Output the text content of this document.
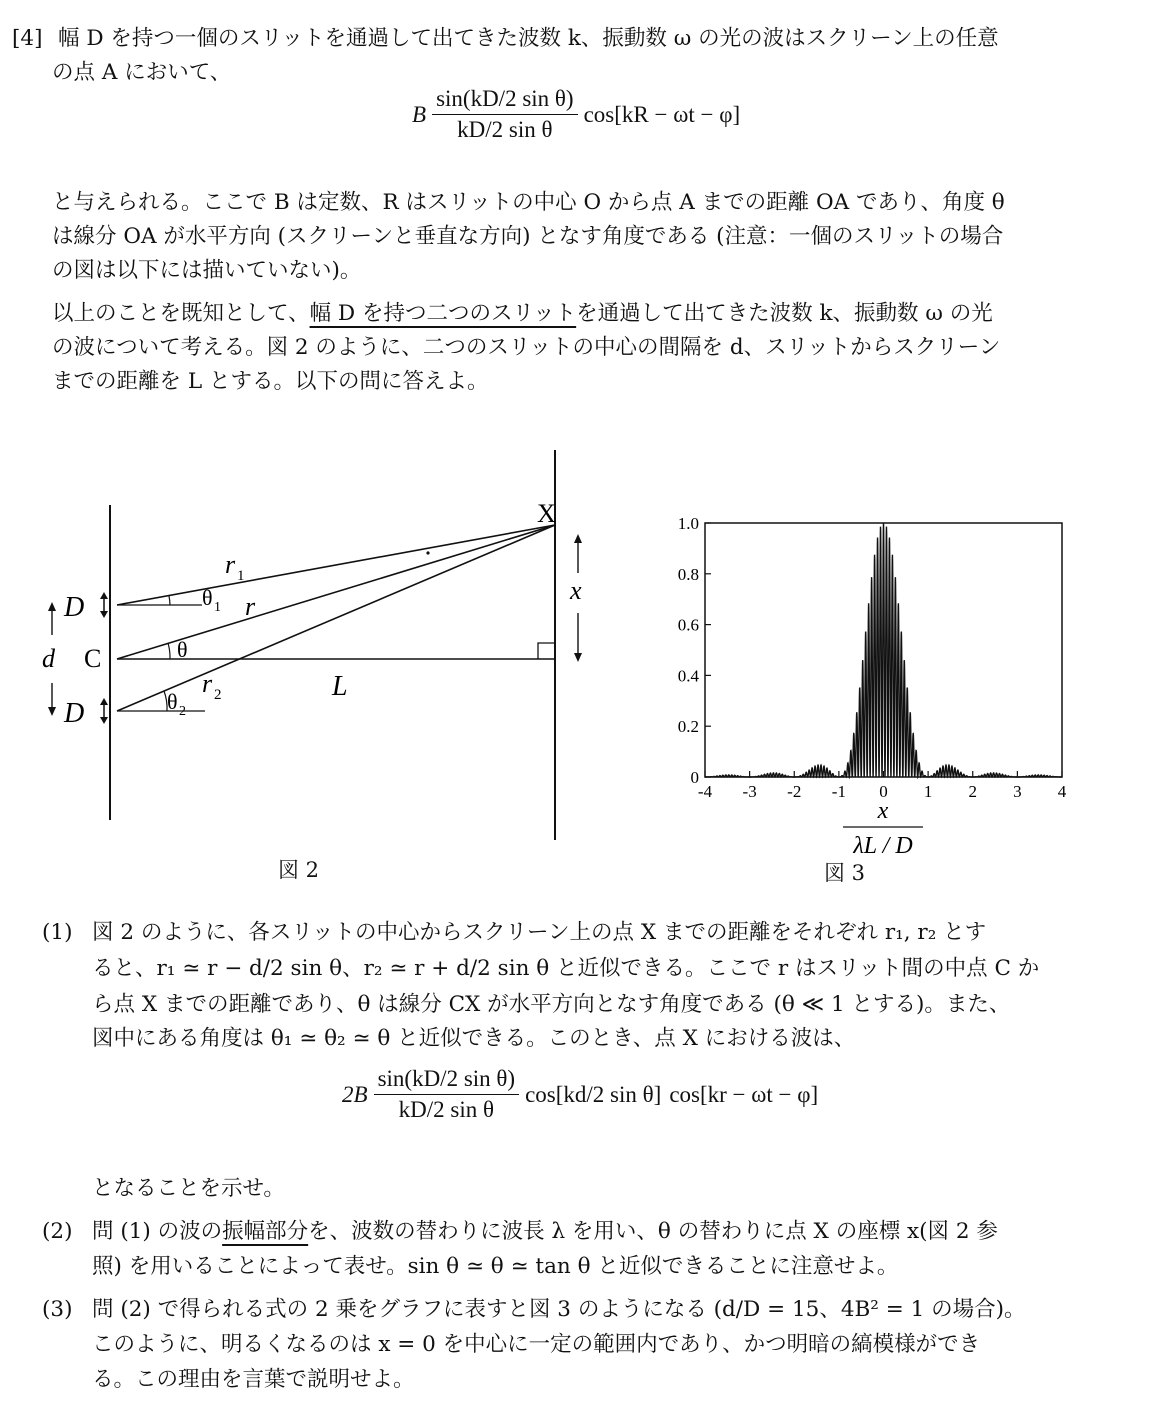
[4] 幅 D を持つ一個のスリットを通過して出てきた波数 k、振動数 ω の光の波はスクリーン上の任意
の点 A において、
B $\frac{\text{sin(kD/2 sin θ)}}{\text{kD/2 sin θ}} \cos[kR - \omega t - \varphi]$
と与えられる。ここで B は定数、R はスリットの中心 O から点 A までの距離 OA であり、角度 θ
は線分 OA が水平方向 (スクリーンと垂直な方向) となす角度である (注意：一個のスリットの場合
の図は以下には描いていない)。
以上のことを既知として、幅 D を持つ二つのスリットを通過して出てきた波数 k、振動数 ω の光
の波について考える。図 2 のように、二つのスリットの中心の間隔を d、スリットからスクリーン
までの距離を L とする。以下の問に答えよ。
X
x
r 1
r
r 2
θ 1
θ
θ 2
D
D
d C
L
図 2
0
0.2
0.4
0.6
0.8
1.0
-4 -3 -2 -1 0 1 2 3 4
x
λL / D
図 3
(1) 図 2 のように、各スリットの中心からスクリーン上の点 X までの距離をそれぞれ r₁, r₂ とす
ると、r₁ ≃ r − d/2 sin θ、r₂ ≃ r + d/2 sin θ と近似できる。ここで r はスリット間の中点 C か
ら点 X までの距離であり、θ は線分 CX が水平方向となす角度である (θ ≪ 1 とする)。また、
図中にある角度は θ₁ ≃ θ₂ ≃ θ と近似できる。このとき、点 X における波は、
$2B \frac{\text{sin(kD/2 sin θ)}}{\text{kD/2 sin θ}} \cos[kd/2$ sin θ] cos[kr − ωt − φ]
となることを示せ。
(2) 問 (1) の波の振幅部分を、波数の替わりに波長 λ を用い、θ の替わりに点 X の座標 x(図 2 参
照) を用いることによって表せ。sin θ ≃ θ ≃ tan θ と近似できることに注意せよ。
(3) 問 (2) で得られる式の 2 乗をグラフに表すと図 3 のようになる (d/D = 15、4B² = 1 の場合)。
このように、明るくなるのは x = 0 を中心に一定の範囲内であり、かつ明暗の縞模様ができ
る。この理由を言葉で説明せよ。
